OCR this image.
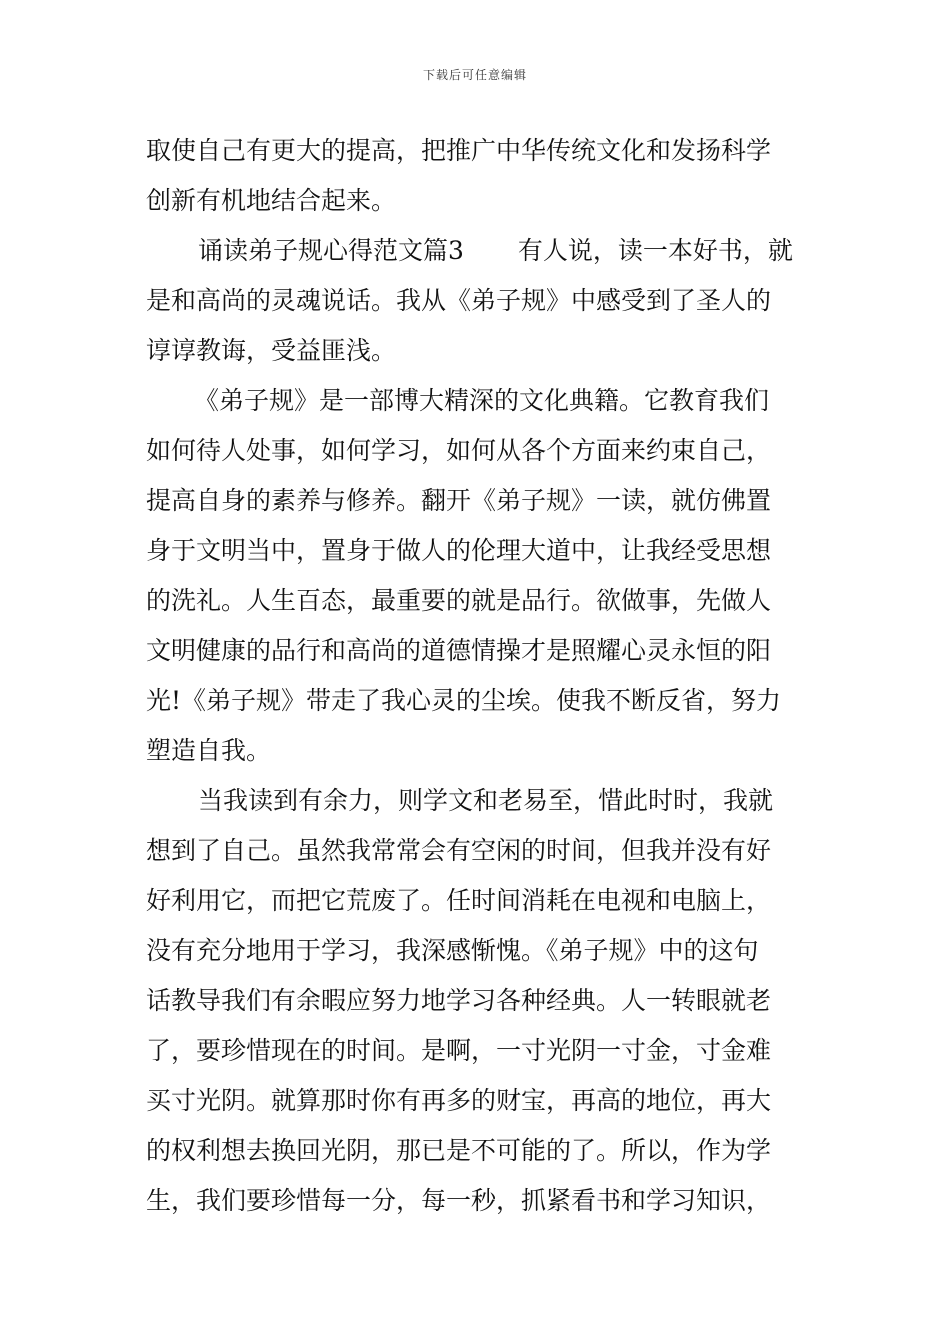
下载后可任意编辑
取使自己有更大的提高，把推广中华传统文化和发扬科学
创新有机地结合起来。
诵读弟子规心得范文篇3 有人说，读一本好书，就
是和高尚的灵魂说话。我从《弟子规》中感受到了圣人的
谆谆教诲，受益匪浅。
《弟子规》是一部博大精深的文化典籍。它教育我们
如何待人处事，如何学习，如何从各个方面来约束自己，
提高自身的素养与修养。翻开《弟子规》一读，就仿佛置
身于文明当中，置身于做人的伦理大道中，让我经受思想
的洗礼。人生百态，最重要的就是品行。欲做事，先做人
文明健康的品行和高尚的道德情操才是照耀心灵永恒的阳
光!《弟子规》带走了我心灵的尘埃。使我不断反省，努力
塑造自我。
当我读到有余力，则学文和老易至，惜此时时，我就
想到了自己。虽然我常常会有空闲的时间，但我并没有好
好利用它，而把它荒废了。任时间消耗在电视和电脑上，
没有充分地用于学习，我深感惭愧。《弟子规》中的这句
话教导我们有余暇应努力地学习各种经典。人一转眼就老
了，要珍惜现在的时间。是啊，一寸光阴一寸金，寸金难
买寸光阴。就算那时你有再多的财宝，再高的地位，再大
的权利想去换回光阴，那已是不可能的了。所以，作为学
生，我们要珍惜每一分，每一秒，抓紧看书和学习知识，
